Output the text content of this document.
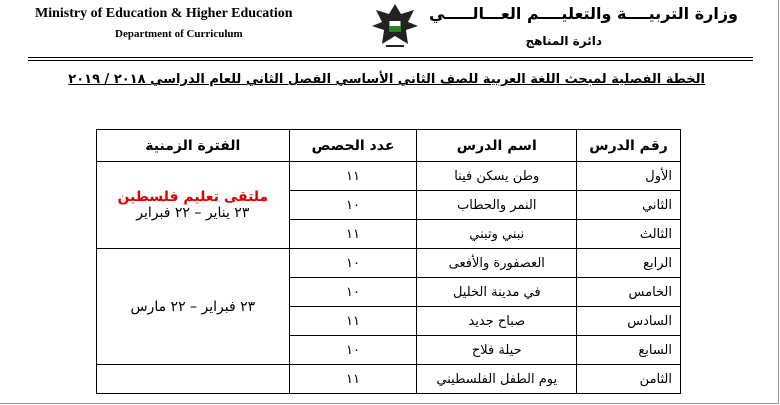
Ministry of Education & Higher Education
Department of Curriculum
وزارة التربيــــة والتعليــــم العـــالـــــي
دائرة المناهج
الخطة الفصلية لمبحث اللغة العربية للصف الثاني الأساسي الفصل الثاني للعام الدراسي ٢٠١٨ / ٢٠١٩
رقم الدرس	اسم الدرس	عدد الحصص	الفترة الزمنية
الأول	وطن يسكن فينا	١١	ملتقى تعليم فلسطين
٢٣ يناير – ٢٢ فبراير

الثاني	النمر والحطاب	١٠	
الثالث	نبني وتبني	١١	
الرابع	العصفورة والأفعى	١٠	٢٣ فبراير – ٢٢ مارس

الخامس	في مدينة الخليل	١٠	
السادس	صباح جديد	١١	
السابع	حيلة فلاح	١٠	
الثامن	يوم الطفل الفلسطيني	١١	
